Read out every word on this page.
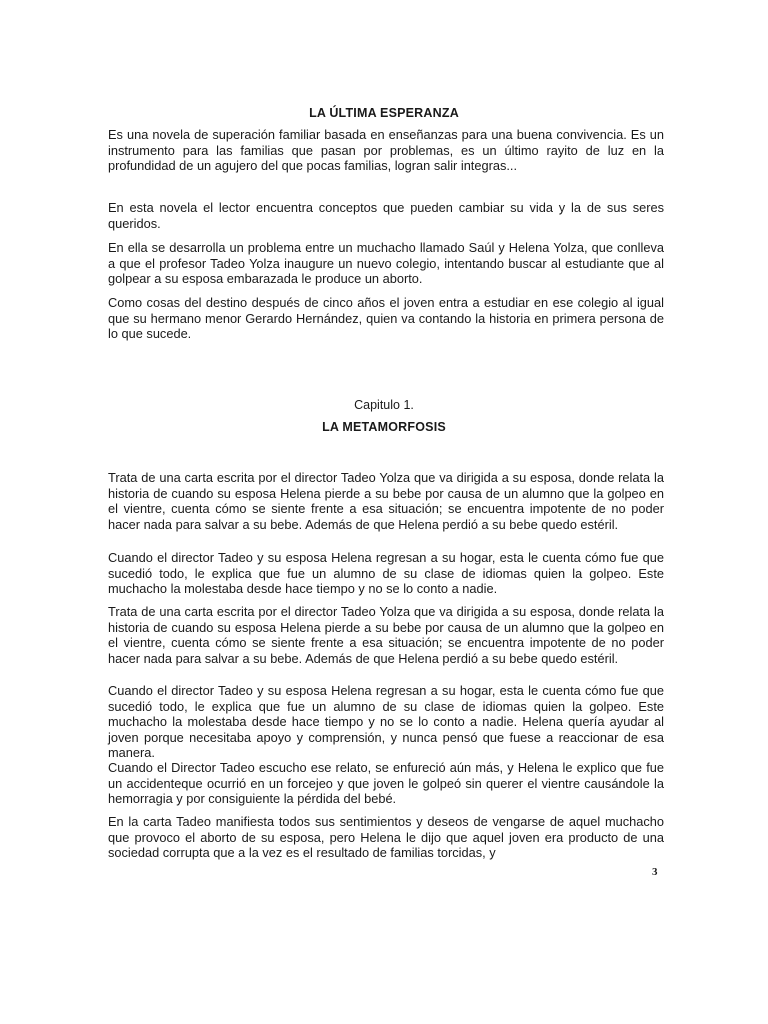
LA ÚLTIMA ESPERANZA

Es una novela de superación familiar basada en enseñanzas para una buena convivencia. Es un instrumento para las familias que pasan por problemas, es un último rayito de luz en la profundidad de un agujero del que pocas familias, logran salir integras...

En esta novela el lector encuentra conceptos que pueden cambiar su vida y la de sus seres queridos.

En ella se desarrolla un problema entre un muchacho llamado Saúl y Helena Yolza, que conlleva a que el profesor Tadeo Yolza inaugure un nuevo colegio, intentando buscar al estudiante que al golpear a su esposa embarazada le produce un aborto.

Como cosas del destino después de cinco años el joven entra a estudiar en ese colegio al igual que su hermano menor Gerardo Hernández, quien va contando la historia en primera persona de lo que sucede.

Capitulo 1.
LA METAMORFOSIS

Trata de una carta escrita por el director Tadeo Yolza que va dirigida a su esposa, donde relata la historia de cuando su esposa Helena pierde a su bebe por causa de un alumno que la golpeo en el vientre, cuenta cómo se siente frente a esa situación; se encuentra impotente de no poder hacer nada para salvar a su bebe. Además de que Helena perdió a su bebe quedo estéril.

Cuando el director Tadeo y su esposa Helena regresan a su hogar, esta le cuenta cómo fue que sucedió todo, le explica que fue un alumno de su clase de idiomas quien la golpeo. Este muchacho la molestaba desde hace tiempo y no se lo conto a nadie.

Trata de una carta escrita por el director Tadeo Yolza que va dirigida a su esposa, donde relata la historia de cuando su esposa Helena pierde a su bebe por causa de un alumno que la golpeo en el vientre, cuenta cómo se siente frente a esa situación; se encuentra impotente de no poder hacer nada para salvar a su bebe. Además de que Helena perdió a su bebe quedo estéril.

Cuando el director Tadeo y su esposa Helena regresan a su hogar, esta le cuenta cómo fue que sucedió todo, le explica que fue un alumno de su clase de idiomas quien la golpeo. Este muchacho la molestaba desde hace tiempo y no se lo conto a nadie. Helena quería ayudar al joven porque necesitaba apoyo y comprensión, y nunca pensó que fuese a reaccionar de esa manera.

Cuando el Director Tadeo escucho ese relato, se enfureció aún más, y Helena le explico que fue un accidenteque ocurrió en un forcejeo y que joven le golpeó sin querer el vientre causándole la hemorragia y por consiguiente la pérdida del bebé.

En la carta Tadeo manifiesta todos sus sentimientos y deseos de vengarse de aquel muchacho que provoco el aborto de su esposa, pero Helena le dijo que aquel joven era producto de una sociedad corrupta que a la vez es el resultado de familias torcidas, y

3
